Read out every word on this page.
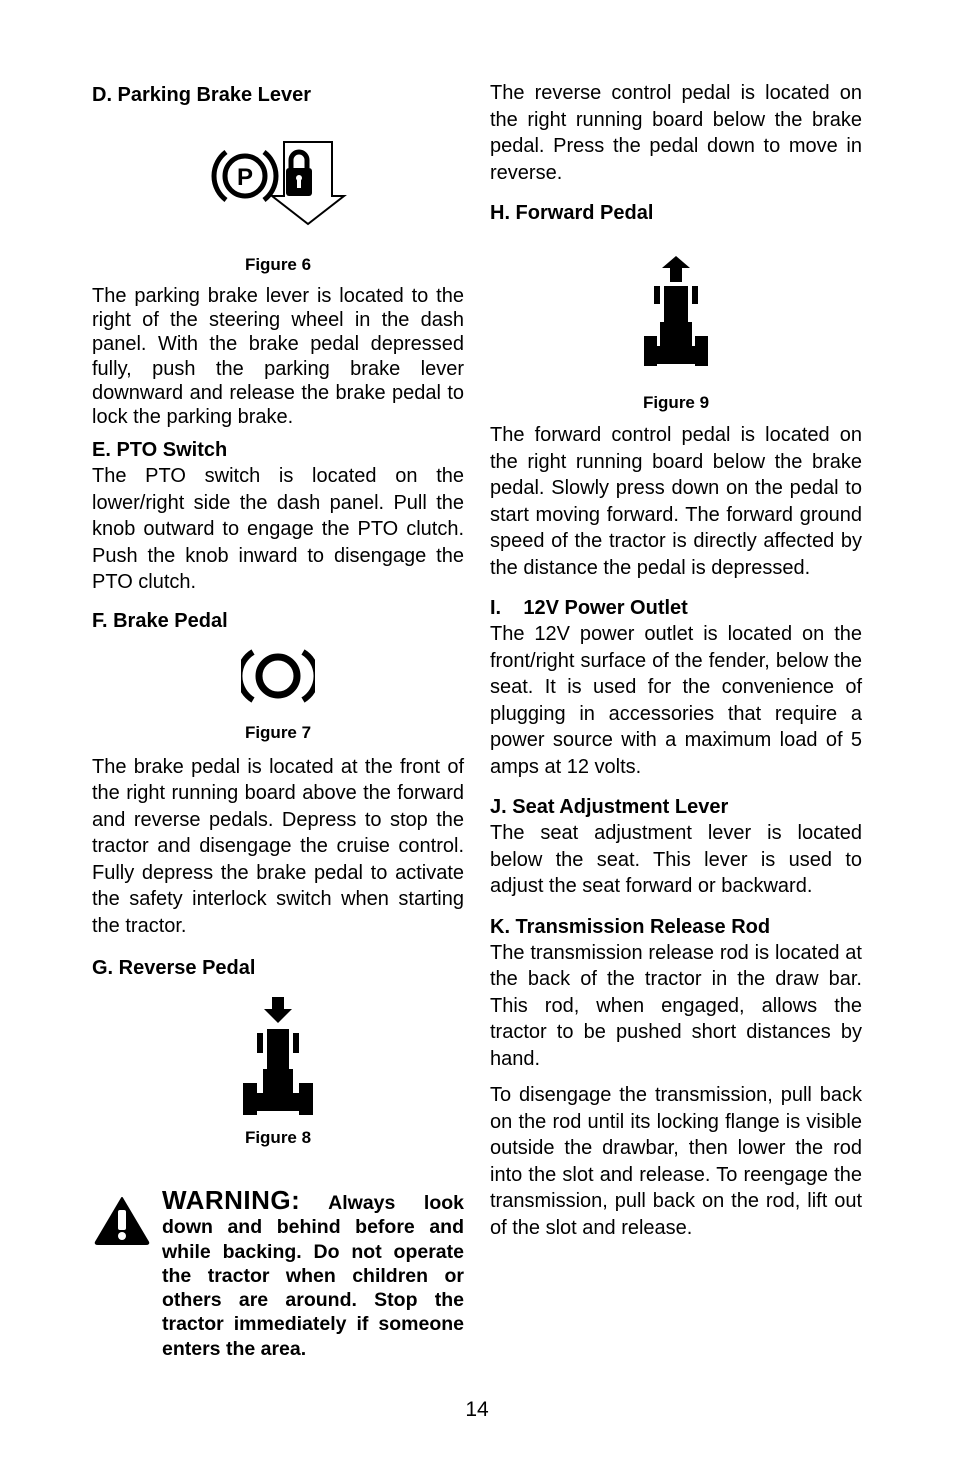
D. Parking Brake Lever

P

Figure 6

The parking brake lever is located to the right of the steering wheel in the dash panel. With the brake pedal depressed fully, push the parking brake lever downward and release the brake pedal to lock the parking brake.

E. PTO Switch

The PTO switch is located on the lower/right side the dash panel. Pull the knob outward to engage the PTO clutch. Push the knob inward to disengage the PTO clutch.

F. Brake Pedal

Figure 7

The brake pedal is located at the front of the right running board above the forward and reverse pedals. Depress to stop the tractor and disengage the cruise control. Fully depress the brake pedal to activate the safety interlock switch when starting the tractor.

G. Reverse Pedal

Figure 8

WARNING: Always look down and behind before and while backing. Do not operate the tractor when children or others are around. Stop the tractor immediately if someone enters the area.

The reverse control pedal is located on the right running board below the brake pedal. Press the pedal down to move in reverse.

H. Forward Pedal

Figure 9

The forward control pedal is located on the right running board below the brake pedal. Slowly press down on the pedal to start moving forward. The forward ground speed of the tractor is directly affected by the distance the pedal is depressed.

I.    12V Power Outlet

The 12V power outlet is located on the front/right surface of the fender, below the seat. It is used for the convenience of plugging in accessories that require a power source with a maximum load of 5 amps at 12 volts.

J. Seat Adjustment Lever

The seat adjustment lever is located below the seat. This lever is used to adjust the seat forward or backward.

K. Transmission Release Rod

The transmission release rod is located at the back of the tractor in the draw bar. This rod, when engaged, allows the tractor to be pushed short distances by hand.

To disengage the transmission, pull back on the rod until its locking flange is visible outside the drawbar, then lower the rod into the slot and release. To reengage the transmission, pull back on the rod, lift out of the slot and release.

14
